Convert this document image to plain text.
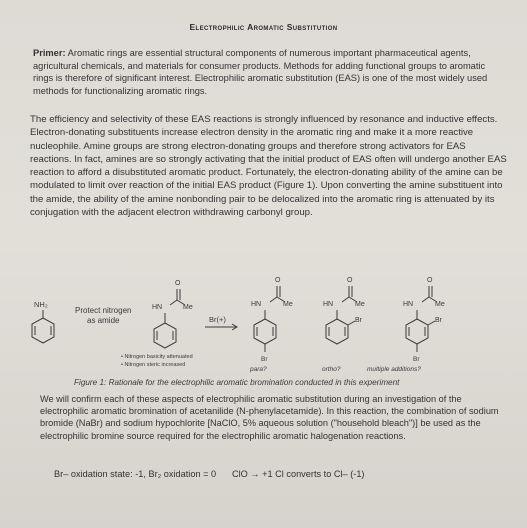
Electrophilic Aromatic Substitution
Primer: Aromatic rings are essential structural components of numerous important pharmaceutical agents, agricultural chemicals, and materials for consumer products. Methods for adding functional groups to aromatic rings is therefore of significant interest. Electrophilic aromatic substitution (EAS) is one of the most widely used methods for functionalizing aromatic rings.
The efficiency and selectivity of these EAS reactions is strongly influenced by resonance and inductive effects. Electron-donating substituents increase electron density in the aromatic ring and make it a more reactive nucleophile. Amine groups are strong electron-donating groups and therefore strong activators for EAS reactions. In fact, amines are so strongly activating that the initial product of EAS often will undergo another EAS reaction to afford a disubstituted aromatic product. Fortunately, the electron-donating ability of the amine can be modulated to limit over reaction of the initial EAS product (Figure 1). Upon converting the amine substituent into the amide, the ability of the amine nonbonding pair to be delocalized into the aromatic ring is attenuated by its conjugation with the adjacent electron withdrawing carbonyl group.
NH₂
Protect nitrogen
as amide
O
HN	Me
Br(+)
O
HN	Me
Br
O
HN	Me
Br
O
HN	Me
Br
Br
• Nitrogen basicity attenuated
• Nitrogen steric increased
para?	ortho?	multiple additions?
Figure 1: Rationale for the electrophilic aromatic bromination conducted in this experiment
We will confirm each of these aspects of electrophilic aromatic substitution during an investigation of the electrophilic aromatic bromination of acetanilide (N-phenylacetamide). In this reaction, the combination of sodium bromide (NaBr) and sodium hypochlorite [NaClO, 5% aqueous solution ("household bleach")] be used as the electrophilic bromine source required for the electrophilic aromatic halogenation reactions.
Br– oxidation state: -1, Br₂ oxidation = 0 ClO → +1 Cl converts to Cl– (-1)
